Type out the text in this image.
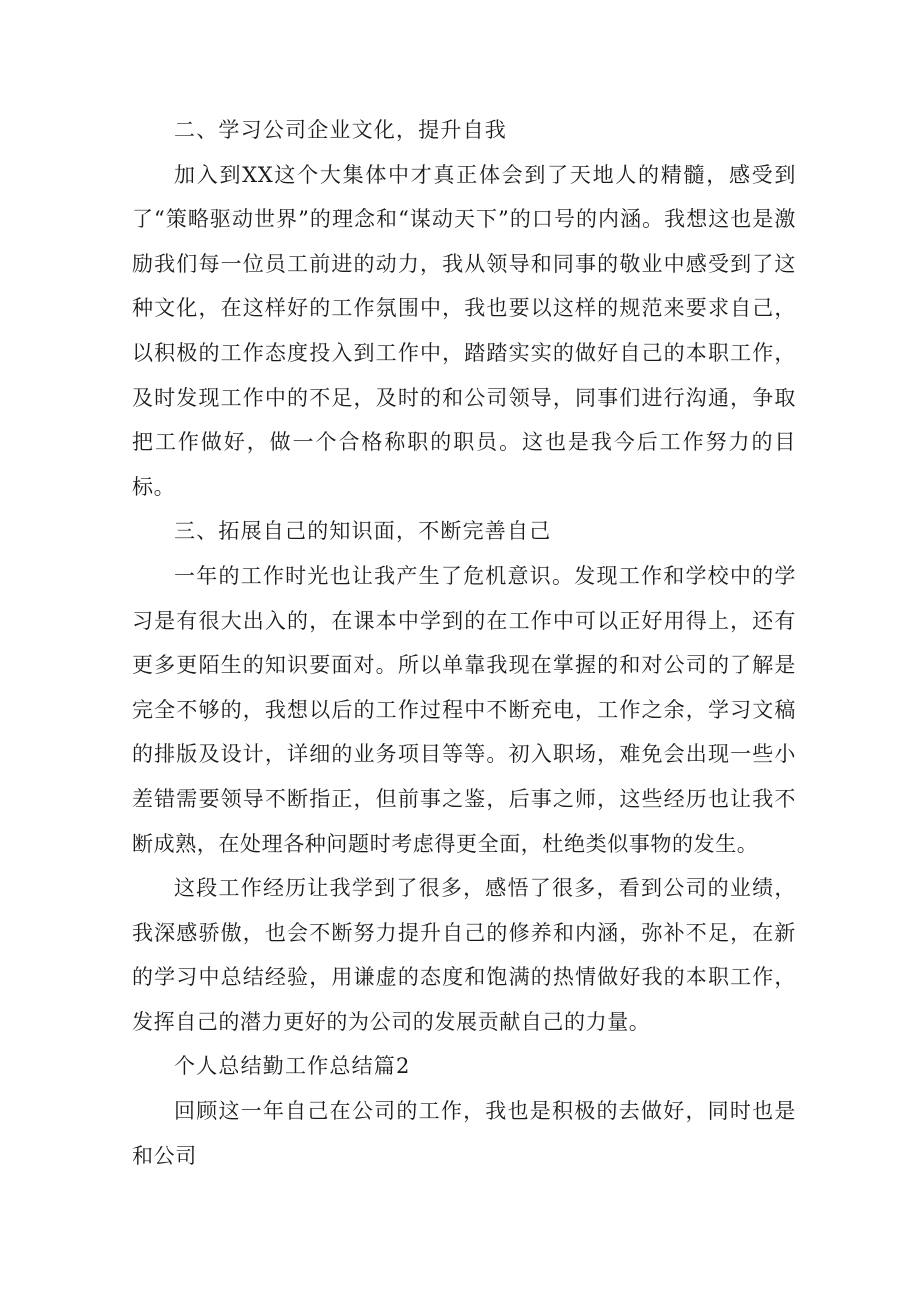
二、学习公司企业文化，提升自我

加入到XX这个大集体中才真正体会到了天地人的精髓，感受到了“策略驱动世界”的理念和“谋动天下”的口号的内涵。我想这也是激励我们每一位员工前进的动力，我从领导和同事的敬业中感受到了这种文化，在这样好的工作氛围中，我也要以这样的规范来要求自己，以积极的工作态度投入到工作中，踏踏实实的做好自己的本职工作，及时发现工作中的不足，及时的和公司领导，同事们进行沟通，争取把工作做好，做一个合格称职的职员。这也是我今后工作努力的目标。

三、拓展自己的知识面，不断完善自己

一年的工作时光也让我产生了危机意识。发现工作和学校中的学习是有很大出入的，在课本中学到的在工作中可以正好用得上，还有更多更陌生的知识要面对。所以单靠我现在掌握的和对公司的了解是完全不够的，我想以后的工作过程中不断充电，工作之余，学习文稿的排版及设计，详细的业务项目等等。初入职场，难免会出现一些小差错需要领导不断指正，但前事之鉴，后事之师，这些经历也让我不断成熟，在处理各种问题时考虑得更全面，杜绝类似事物的发生。

这段工作经历让我学到了很多，感悟了很多，看到公司的业绩，我深感骄傲，也会不断努力提升自己的修养和内涵，弥补不足，在新的学习中总结经验，用谦虚的态度和饱满的热情做好我的本职工作，发挥自己的潜力更好的为公司的发展贡献自己的力量。

个人总结勤工作总结篇2

回顾这一年自己在公司的工作，我也是积极的去做好，同时也是和公司
